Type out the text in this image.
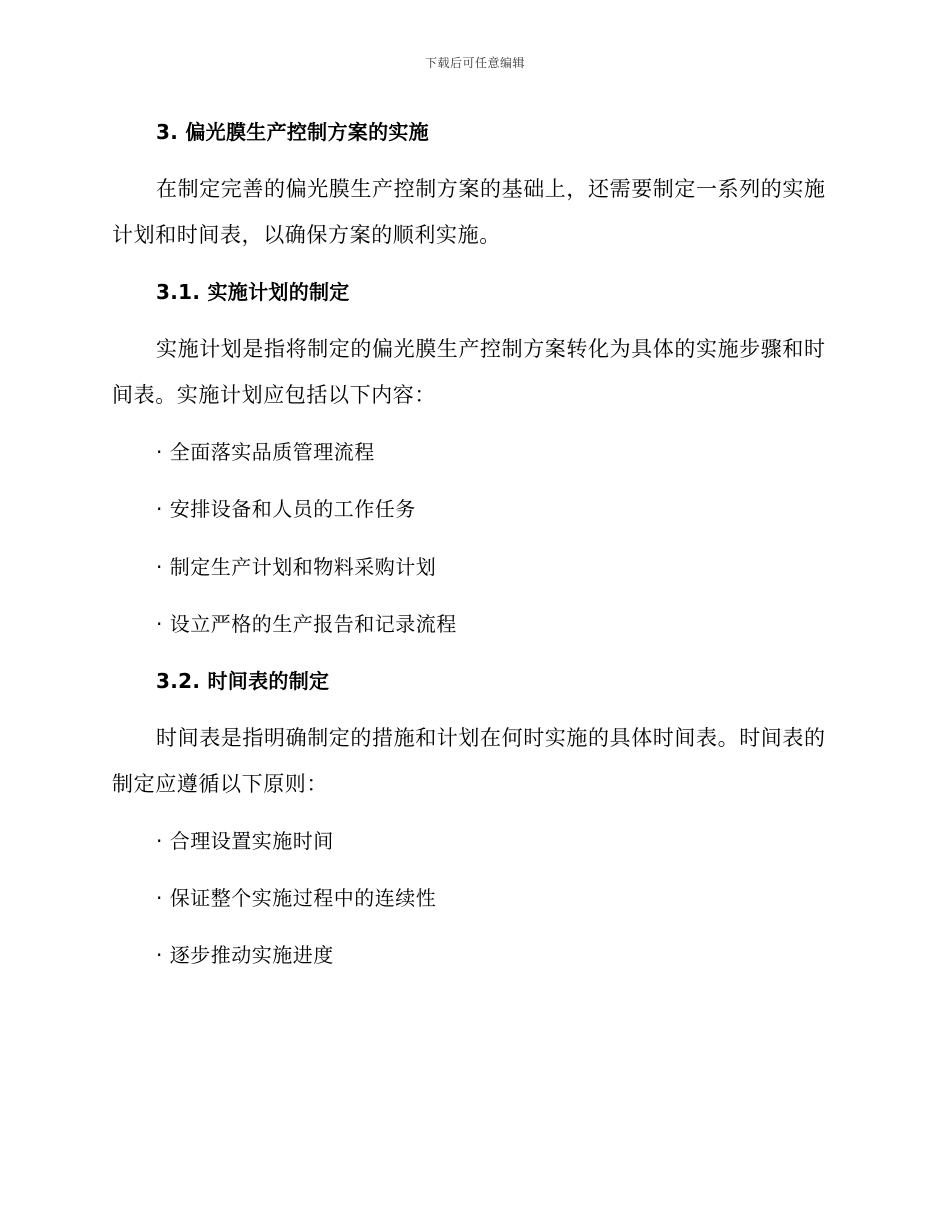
下载后可任意编辑
3. 偏光膜生产控制方案的实施

在制定完善的偏光膜生产控制方案的基础上，还需要制定一系列的实施

计划和时间表，以确保方案的顺利实施。

3.1. 实施计划的制定

实施计划是指将制定的偏光膜生产控制方案转化为具体的实施步骤和时

间表。实施计划应包括以下内容：

· 全面落实品质管理流程

· 安排设备和人员的工作任务

· 制定生产计划和物料采购计划

· 设立严格的生产报告和记录流程

3.2. 时间表的制定

时间表是指明确制定的措施和计划在何时实施的具体时间表。时间表的

制定应遵循以下原则：

· 合理设置实施时间

· 保证整个实施过程中的连续性

· 逐步推动实施进度
